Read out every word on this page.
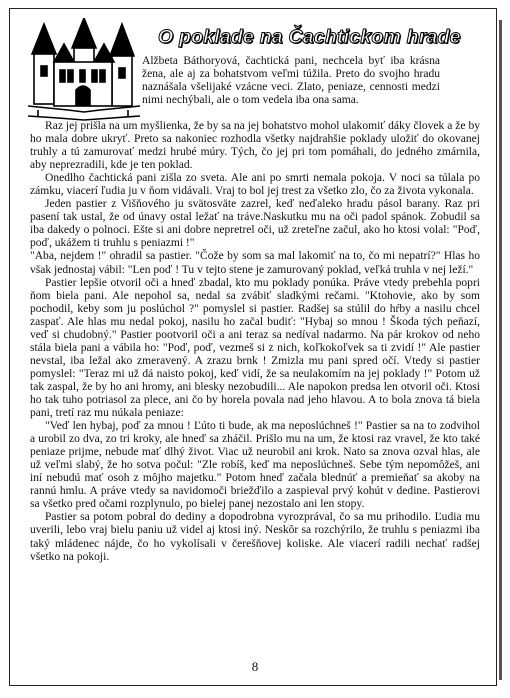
O poklade na Čachtickom hrade

Alžbeta Báthoryová, čachtická pani, nechcela byť iba krásna žena, ale aj za bohatstvom veľmi túžila. Preto do svojho hradu naznášala všelijaké vzácne veci. Zlato, peniaze, cennosti medzi nimi nechýbali, ale o tom vedela iba ona sama.

Raz jej prišla na um myšlienka, že by sa na jej bohatstvo mohol ulakomiť dáky človek a že by ho mala dobre ukryť. Preto sa nakoniec rozhodla všetky najdrahšie poklady uložiť do okovanej truhly a tú zamurovať medzi hrubé múry. Tých, čo jej pri tom pomáhali, do jedného zmárnila, aby neprezradili, kde je ten poklad.

Onedlho čachtická pani zišla zo sveta. Ale ani po smrti nemala pokoja. V noci sa túlala po zámku, viacerí ľudia ju v ňom vidávali. Vraj to bol jej trest za všetko zlo, čo za života vykonala.

Jeden pastier z Višňového ju svätosväte zazrel, keď neďaleko hradu pásol barany. Raz pri pasení tak ustal, že od únavy ostal ležať na tráve.Naskutku mu na oči padol spánok. Zobudil sa iba dakedy o polnoci. Ešte si ani dobre nepretrel oči, už zreteľne začul, ako ho ktosi volal: "Poď, poď, ukážem ti truhlu s peniazmi !"

"Aba, nejdem !" ohradil sa pastier. "Čože by som sa mal lakomiť na to, čo mi nepatrí?" Hlas ho však jednostaj vábil: "Len poď ! Tu v tejto stene je zamurovaný poklad, veľká truhla v nej leží."

Pastier lepšie otvoril oči a hneď zbadal, kto mu poklady ponúka. Práve vtedy prebehla popri ňom biela pani. Ale nepohol sa, nedal sa zvábiť sladkými rečami. "Ktohovie, ako by som pochodil, keby som ju poslúchol ?" pomyslel si pastier. Radšej sa stúlil do hŕby a nasilu chcel zaspať. Ale hlas mu nedal pokoj, nasilu ho začal budiť: "Hybaj so mnou ! Škoda tých peňazí, veď si chudobný." Pastier pootvoril oči a ani teraz sa nedíval nadarmo. Na pár krokov od neho stála biela pani a vábila ho: "Poď, poď, vezmeš si z nich, koľkokoľvek sa ti zvidí !" Ale pastier nevstal, iba ležal ako zmeravený. A zrazu brnk ! Zmizla mu pani spred očí. Vtedy si pastier pomyslel: "Teraz mi už dá naisto pokoj, keď vidí, že sa neulakomím na jej poklady !" Potom už tak zaspal, že by ho ani hromy, ani blesky nezobudili... Ale napokon predsa len otvoril oči. Ktosi ho tak tuho potriasol za plece, ani čo by horela povala nad jeho hlavou. A to bola znova tá biela pani, tretí raz mu núkala peniaze:

"Veď len hybaj, poď za mnou ! Ľúto ti bude, ak ma neposlúchneš !" Pastier sa na to zodvihol a urobil zo dva, zo tri kroky, ale hneď sa zháčil. Prišlo mu na um, že ktosi raz vravel, že kto také peniaze prijme, nebude mať dlhý život. Viac už neurobil ani krok. Nato sa znova ozval hlas, ale už veľmi slabý, že ho sotva počul: "Zle robíš, keď ma neposlúchneš. Sebe tým nepomôžeš, ani iní nebudú mať osoh z môjho majetku." Potom hneď začala blednúť a premieňať sa akoby na rannú hmlu. A práve vtedy sa navidomoči briežďilo a zaspieval prvý kohút v dedine. Pastierovi sa všetko pred očami rozplynulo, po bielej panej nezostalo ani len stopy.

Pastier sa potom pobral do dediny a dopodrobna vyrozprával, čo sa mu prihodilo. Ľudia mu uverili, lebo vraj bielu paniu už videl aj ktosi iný. Neskôr sa rozchýrilo, že truhlu s peniazmi iba taký mládenec nájde, čo ho vykolísali v čerešňovej koliske. Ale viacerí radili nechať radšej všetko na pokoji.

8
